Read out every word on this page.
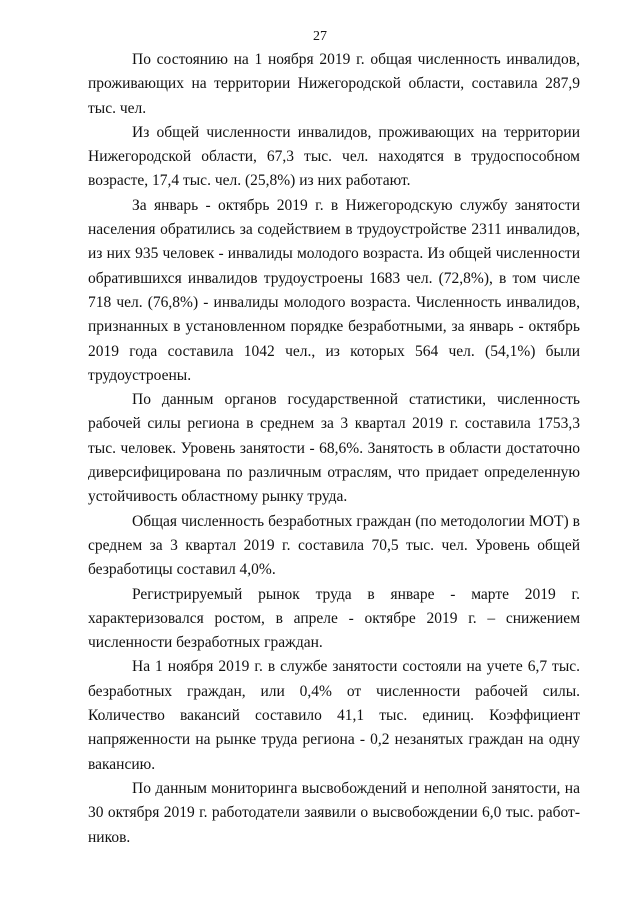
27

По состоянию на 1 ноября 2019 г. общая численность инвалидов, проживающих на территории Нижегородской области, составила 287,9 тыс. чел.

Из общей численности инвалидов, проживающих на территории Нижегородской области, 67,3 тыс. чел. находятся в трудоспособном возрасте, 17,4 тыс. чел. (25,8%) из них работают.

За январь - октябрь 2019 г. в Нижегородскую службу занятости населения обратились за содействием в трудоустройстве 2311 инвалидов, из них 935 человек - инвалиды молодого возраста. Из общей численности обратившихся инвалидов трудоустроены 1683 чел. (72,8%), в том числе 718 чел. (76,8%) - инвалиды молодого возраста. Численность инвалидов, признанных в установленном порядке безработными, за январь - октябрь 2019 года составила 1042 чел., из которых 564 чел. (54,1%) были трудоустроены.

По данным органов государственной статистики, численность рабочей силы региона в среднем за 3 квартал 2019 г. составила 1753,3 тыс. человек. Уровень занятости - 68,6%. Занятость в области достаточно диверсифицирована по различным отраслям, что придает определенную устойчивость областному рынку труда.

Общая численность безработных граждан (по методологии МОТ) в среднем за 3 квартал 2019 г. составила 70,5 тыс. чел. Уровень общей безработицы составил 4,0%.

Регистрируемый рынок труда в январе - марте 2019 г. характеризовался ростом, в апреле - октябре 2019 г. – снижением численности безработных граждан.

На 1 ноября 2019 г. в службе занятости состояли на учете 6,7 тыс. безработных граждан, или 0,4% от численности рабочей силы. Количество вакансий составило 41,1 тыс. единиц. Коэффициент напряженности на рынке труда региона - 0,2 незанятых граждан на одну вакансию.

По данным мониторинга высвобождений и неполной занятости, на 30 октября 2019 г. работодатели заявили о высвобождении 6,0 тыс. работников.
